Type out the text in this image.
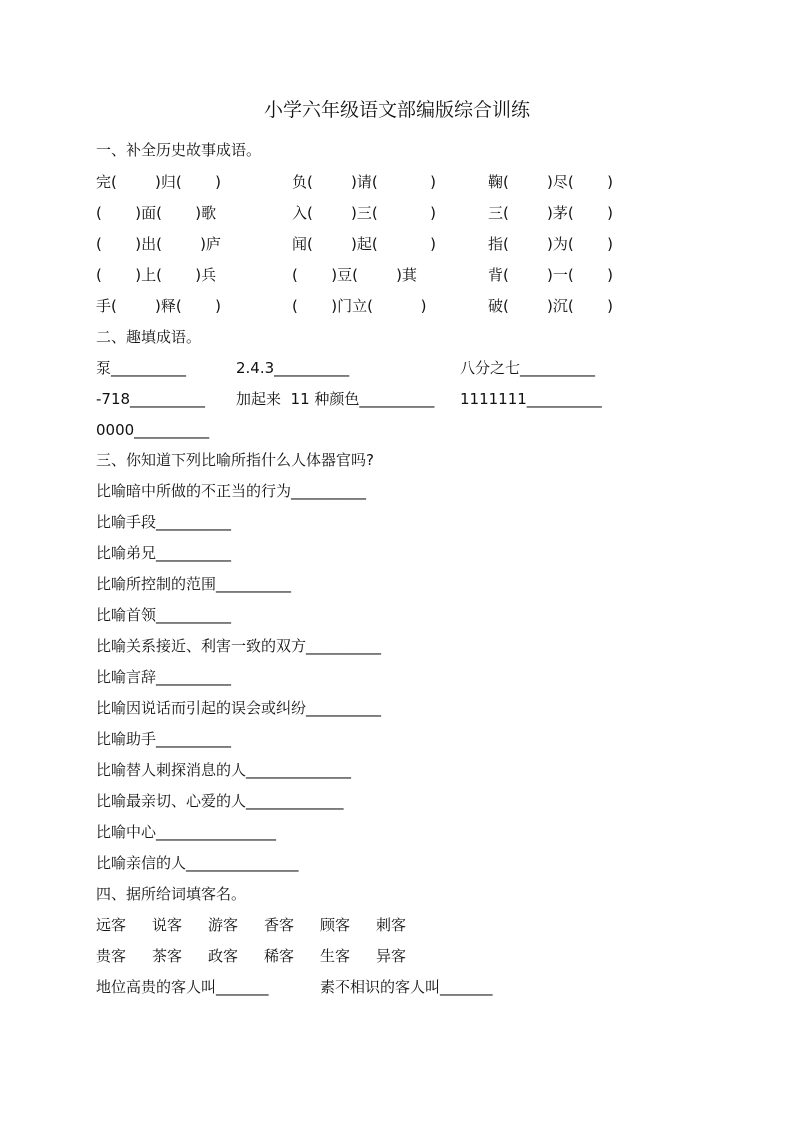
小学六年级语文部编版综合训练
一、补全历史故事成语。
完(        )归(       )	负(        )请(           )	鞠(        )尽(       )
(       )面(       )歌	入(        )三(           )	三(        )茅(       )
(       )出(        )庐	闻(        )起(           )	指(        )为(       )
(       )上(       )兵	(       )豆(        )萁	背(        )一(       )
手(        )释(       )	(       )门立(          )	破(        )沉(       )
二、趣填成语。
泵__________	2.4.3__________	八分之七__________
-718__________ 加起来  11 种颜色__________ 1111111__________
0000__________
三、你知道下列比喻所指什么人体器官吗?
比喻暗中所做的不正当的行为__________
比喻手段__________
比喻弟兄__________
比喻所控制的范围__________
比喻首领__________
比喻关系接近、利害一致的双方__________
比喻言辞__________
比喻因说话而引起的误会或纠纷__________
比喻助手__________
比喻替人刺探消息的人______________
比喻最亲切、心爱的人_____________
比喻中心________________
比喻亲信的人_______________
四、据所给词填客名。
远客 说客 游客 香客 顾客 刺客
贵客 茶客 政客 稀客 生客 异客
地位高贵的客人叫_______	素不相识的客人叫_______
